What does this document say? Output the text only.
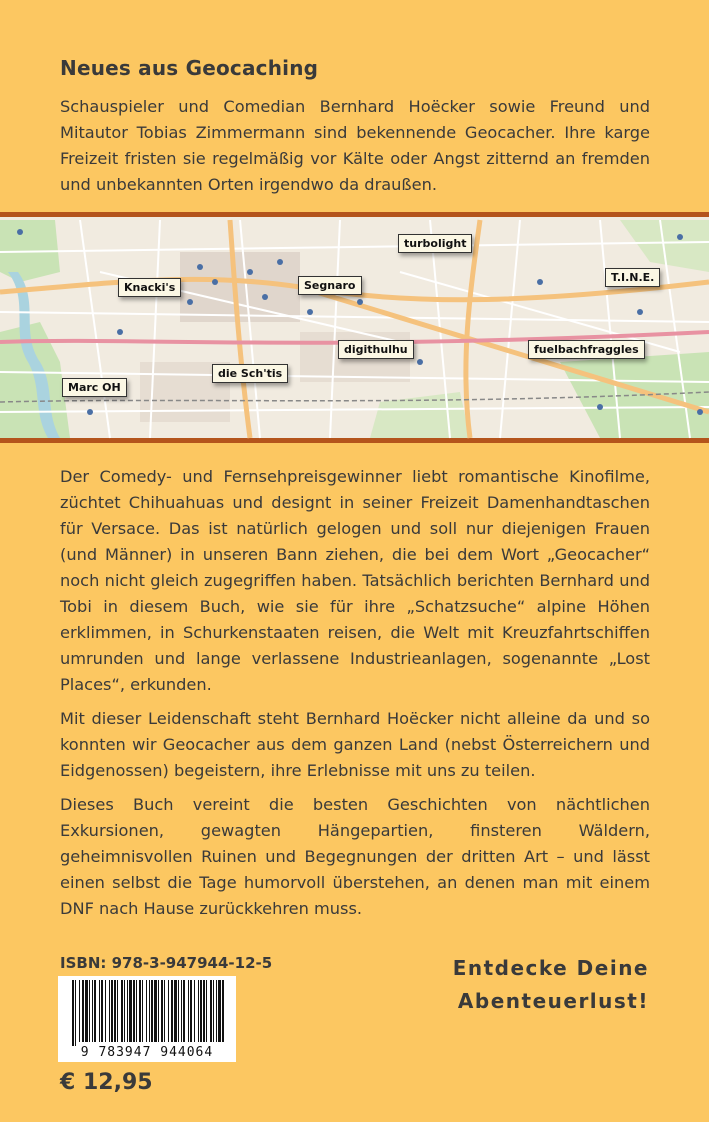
Neues aus Geocaching

Schauspieler und Comedian Bernhard Hoëcker sowie Freund und Mitautor Tobias Zimmermann sind bekennende Geocacher. Ihre karge Freizeit fristen sie regelmäßig vor Kälte oder Angst zitternd an fremden und unbekannten Orten irgendwo da draußen.

turbolight
Knacki's	Segnaro
T.I.N.E.
digithulhu	fuelbachfraggles
die Sch'tis
Marc OH

Der Comedy- und Fernsehpreisgewinner liebt romantische Kinofilme, züchtet Chihuahuas und designt in seiner Freizeit Damenhandtaschen für Versace. Das ist natürlich gelogen und soll nur diejenigen Frauen (und Männer) in unseren Bann ziehen, die bei dem Wort „Geocacher“ noch nicht gleich zugegriffen haben. Tatsächlich berichten Bernhard und Tobi in diesem Buch, wie sie für ihre „Schatzsuche“ alpine Höhen erklimmen, in Schurkenstaaten reisen, die Welt mit Kreuzfahrtschiffen umrunden und lange verlassene Industrieanlagen, sogenannte „Lost Places“, erkunden.

Mit dieser Leidenschaft steht Bernhard Hoëcker nicht alleine da und so konnten wir Geocacher aus dem ganzen Land (nebst Österreichern und Eidgenossen) begeistern, ihre Erlebnisse mit uns zu teilen.

Dieses Buch vereint die besten Geschichten von nächtlichen Exkursionen, gewagten Hängepartien, finsteren Wäldern, geheimnisvollen Ruinen und Begegnungen der dritten Art – und lässt einen selbst die Tage humorvoll überstehen, an denen man mit einem DNF nach Hause zurückkehren muss.

ISBN: 978-3-947944-12-5
9 783947 944064
€ 12,95
Entdecke Deine
Abenteuerlust!
